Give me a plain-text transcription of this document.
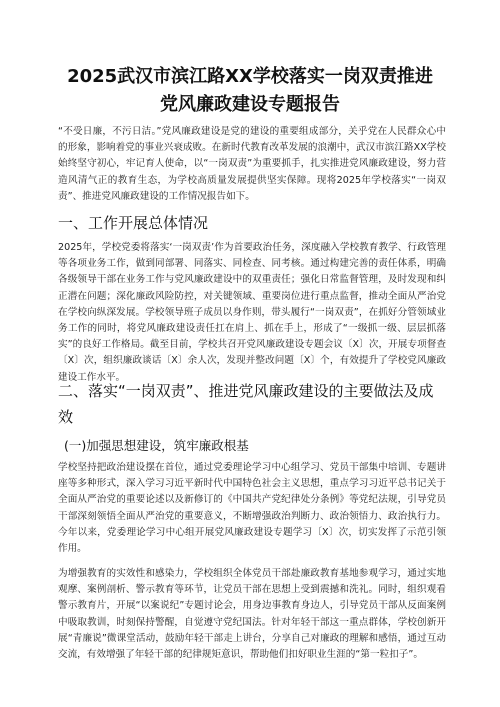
2025武汉市滨江路XX学校落实一岗双责推进
党风廉政建设专题报告

“不受日廉，不污日洁。”党风廉政建设是党的建设的重要组成部分，关乎党在人民群众心中的形象，影响着党的事业兴衰成败。在新时代教育改革发展的浪潮中，武汉市滨江路XX学校始终坚守初心，牢记育人使命，以“一岗双责”为重要抓手，扎实推进党风廉政建设，努力营造风清气正的教育生态，为学校高质量发展提供坚实保障。现将2025年学校落实“一岗双责”、推进党风廉政建设的工作情况报告如下。

一、工作开展总体情况

2025年，学校党委将落实‘一岗双责’作为首要政治任务，深度融入学校教育教学、行政管理等各项业务工作，做到同部署、同落实、同检查、同考核。通过构建完善的责任体系，明确各级领导干部在业务工作与党风廉政建设中的双重责任；强化日常监督管理，及时发现和纠正潜在问题；深化廉政风险防控，对关键领域、重要岗位进行重点监督，推动全面从严治党在学校向纵深发展。学校领导班子成员以身作则，带头履行“一岗双责”，在抓好分管领域业务工作的同时，将党风廉政建设责任扛在肩上、抓在手上，形成了“一级抓一级、层层抓落实”的良好工作格局。截至目前，学校共召开党风廉政建设专题会议〔X〕次，开展专项督查〔X〕次，组织廉政谈话〔X〕余人次，发现并整改问题〔X〕个，有效提升了学校党风廉政建设工作水平。

二、落实“一岗双责”、推进党风廉政建设的主要做法及成
效
(一)加强思想建设，筑牢廉政根基

学校坚持把政治建设摆在首位，通过党委理论学习中心组学习、党员干部集中培训、专题讲座等多种形式，深入学习习近平新时代中国特色社会主义思想，重点学习习近平总书记关于全面从严治党的重要论述以及新修订的《中国共产党纪律处分条例》等党纪法规，引导党员干部深刻领悟全面从严治党的重要意义，不断增强政治判断力、政治领悟力、政治执行力。今年以来，党委理论学习中心组开展党风廉政建设专题学习〔X〕次，切实发挥了示范引领作用。

为增强教育的实效性和感染力，学校组织全体党员干部赴廉政教育基地参观学习，通过实地观摩、案例剖析、警示教育等环节，让党员干部在思想上受到震撼和洗礼。同时，组织观看警示教育片，开展“以案说纪”专题讨论会，用身边事教育身边人，引导党员干部从反面案例中吸取教训，时刻保持警醒，自觉遵守党纪国法。针对年轻干部这一重点群体，学校创新开展“青廉说”微课堂活动，鼓励年轻干部走上讲台，分享自己对廉政的理解和感悟，通过互动交流，有效增强了年轻干部的纪律规矩意识，帮助他们扣好职业生涯的“第一粒扣子”。
